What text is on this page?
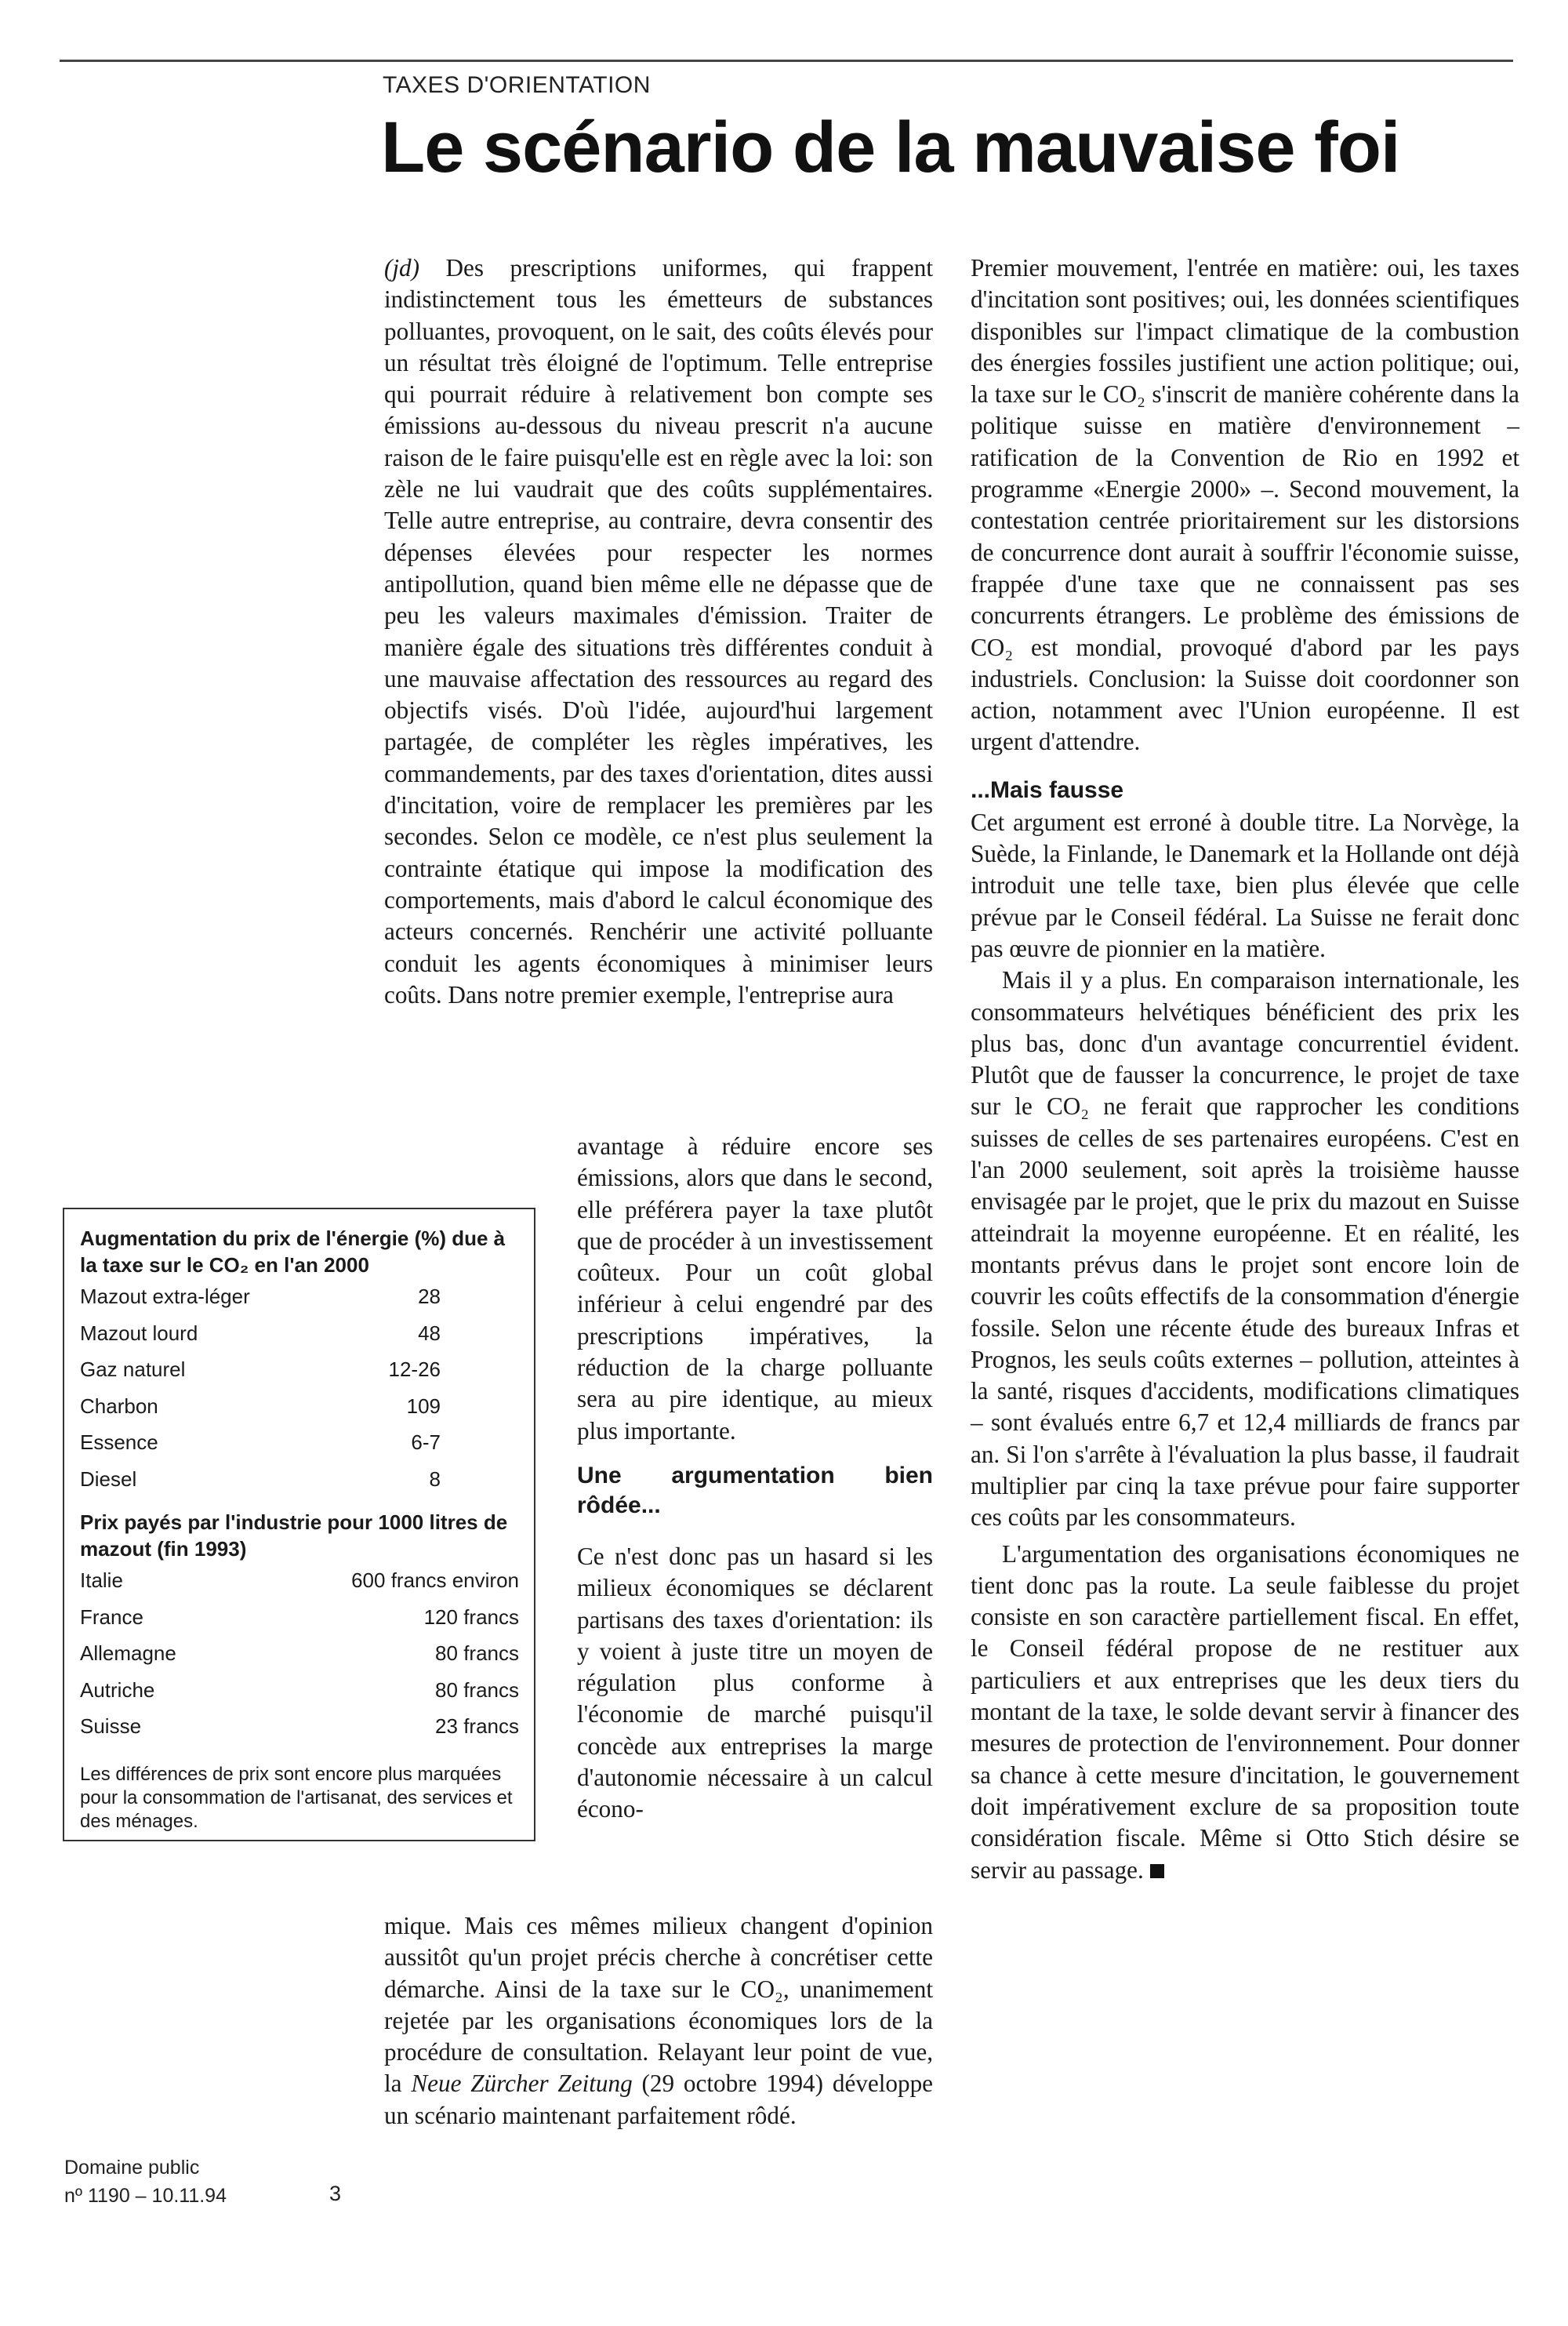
TAXES D'ORIENTATION
Le scénario de la mauvaise foi

(jd) Des prescriptions uniformes, qui frappent indistinctement tous les émetteurs de substances polluantes, provoquent, on le sait, des coûts élevés pour un résultat très éloigné de l'optimum. Telle entreprise qui pourrait réduire à relativement bon compte ses émissions au-dessous du niveau prescrit n'a aucune raison de le faire puisqu'elle est en règle avec la loi: son zèle ne lui vaudrait que des coûts supplémentaires. Telle autre entreprise, au contraire, devra consentir des dépenses élevées pour respecter les normes antipollution, quand bien même elle ne dépasse que de peu les valeurs maximales d'émission. Traiter de manière égale des situations très différentes conduit à une mauvaise affectation des ressources au regard des objectifs visés. D'où l'idée, aujourd'hui largement partagée, de compléter les règles impératives, les commandements, par des taxes d'orientation, dites aussi d'incitation, voire de remplacer les premières par les secondes. Selon ce modèle, ce n'est plus seulement la contrainte étatique qui impose la modification des comportements, mais d'abord le calcul économique des acteurs concernés. Renchérir une activité polluante conduit les agents économiques à minimiser leurs coûts. Dans notre premier exemple, l'entreprise aura

avantage à réduire encore ses émissions, alors que dans le second, elle préférera payer la taxe plutôt que de procéder à un investissement coûteux. Pour un coût global inférieur à celui engendré par des prescriptions impératives, la réduction de la charge polluante sera au pire identique, au mieux plus importante.

Une argumentation bien rôdée...

Ce n'est donc pas un hasard si les milieux économiques se déclarent partisans des taxes d'orientation: ils y voient à juste titre un moyen de régulation plus conforme à l'économie de marché puisqu'il concède aux entreprises la marge d'autonomie nécessaire à un calcul écono-

mique. Mais ces mêmes milieux changent d'opinion aussitôt qu'un projet précis cherche à concrétiser cette démarche. Ainsi de la taxe sur le CO₂, unanimement rejetée par les organisations économiques lors de la procédure de consultation. Relayant leur point de vue, la Neue Zürcher Zeitung (29 octobre 1994) développe un scénario maintenant parfaitement rôdé.

Premier mouvement, l'entrée en matière: oui, les taxes d'incitation sont positives; oui, les données scientifiques disponibles sur l'impact climatique de la combustion des énergies fossiles justifient une action politique; oui, la taxe sur le CO₂ s'inscrit de manière cohérente dans la politique suisse en matière d'environnement – ratification de la Convention de Rio en 1992 et programme «Energie 2000» –. Second mouvement, la contestation centrée prioritairement sur les distorsions de concurrence dont aurait à souffrir l'économie suisse, frappée d'une taxe que ne connaissent pas ses concurrents étrangers. Le problème des émissions de CO₂ est mondial, provoqué d'abord par les pays industriels. Conclusion: la Suisse doit coordonner son action, notamment avec l'Union européenne. Il est urgent d'attendre.

...Mais fausse

Cet argument est erroné à double titre. La Norvège, la Suède, la Finlande, le Danemark et la Hollande ont déjà introduit une telle taxe, bien plus élevée que celle prévue par le Conseil fédéral. La Suisse ne ferait donc pas œuvre de pionnier en la matière.

Mais il y a plus. En comparaison internationale, les consommateurs helvétiques bénéficient des prix les plus bas, donc d'un avantage concurrentiel évident. Plutôt que de fausser la concurrence, le projet de taxe sur le CO₂ ne ferait que rapprocher les conditions suisses de celles de ses partenaires européens. C'est en l'an 2000 seulement, soit après la troisième hausse envisagée par le projet, que le prix du mazout en Suisse atteindrait la moyenne européenne. Et en réalité, les montants prévus dans le projet sont encore loin de couvrir les coûts effectifs de la consommation d'énergie fossile. Selon une récente étude des bureaux Infras et Prognos, les seuls coûts externes – pollution, atteintes à la santé, risques d'accidents, modifications climatiques – sont évalués entre 6,7 et 12,4 milliards de francs par an. Si l'on s'arrête à l'évaluation la plus basse, il faudrait multiplier par cinq la taxe prévue pour faire supporter ces coûts par les consommateurs.

L'argumentation des organisations économiques ne tient donc pas la route. La seule faiblesse du projet consiste en son caractère partiellement fiscal. En effet, le Conseil fédéral propose de ne restituer aux particuliers et aux entreprises que les deux tiers du montant de la taxe, le solde devant servir à financer des mesures de protection de l'environnement. Pour donner sa chance à cette mesure d'incitation, le gouvernement doit impérativement exclure de sa proposition toute considération fiscale. Même si Otto Stich désire se servir au passage.

Augmentation du prix de l'énergie (%) due à la taxe sur le CO₂ en l'an 2000
Mazout extra-léger	28
Mazout lourd	48
Gaz naturel	12-26
Charbon	109
Essence	6-7
Diesel	8
Prix payés par l'industrie pour 1000 litres de mazout (fin 1993)
Italie	600 francs environ
France	120 francs
Allemagne	80 francs
Autriche	80 francs
Suisse	23 francs
Les différences de prix sont encore plus marquées pour la consommation de l'artisanat, des services et des ménages.
Domaine public
nº 1190 – 10.11.94	3
